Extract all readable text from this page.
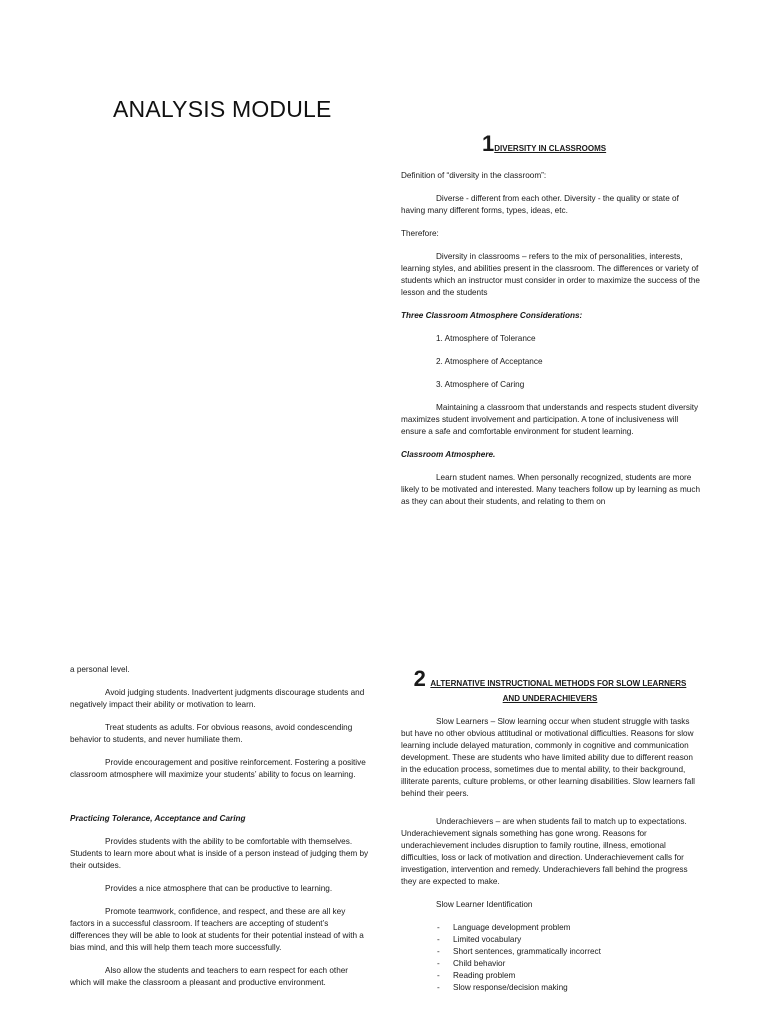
ANALYSIS MODULE
1DIVERSITY IN CLASSROOMS

Definition of “diversity in the classroom”:

Diverse - different from each other. Diversity - the quality or state of having many different forms, types, ideas, etc.

Therefore:

Diversity in classrooms – refers to the mix of personalities, interests, learning styles, and abilities present in the classroom. The differences or variety of students which an instructor must consider in order to maximize the success of the lesson and the students

Three Classroom Atmosphere Considerations:

1. Atmosphere of Tolerance
2. Atmosphere of Acceptance
3. Atmosphere of Caring

Maintaining a classroom that understands and respects student diversity maximizes student involvement and participation. A tone of inclusiveness will ensure a safe and comfortable environment for student learning.

Classroom Atmosphere.

Learn student names. When personally recognized, students are more likely to be motivated and interested. Many teachers follow up by learning as much as they can about their students, and relating to them on

a personal level.

Avoid judging students. Inadvertent judgments discourage students and negatively impact their ability or motivation to learn.

Treat students as adults. For obvious reasons, avoid condescending behavior to students, and never humiliate them.

Provide encouragement and positive reinforcement. Fostering a positive classroom atmosphere will maximize your students’ ability to focus on learning.

Practicing Tolerance, Acceptance and Caring

Provides students with the ability to be comfortable with themselves. Students to learn more about what is inside of a person instead of judging them by their outsides.

Provides a nice atmosphere that can be productive to learning.

Promote teamwork, confidence, and respect, and these are all key factors in a successful classroom. If teachers are accepting of student’s differences they will be able to look at students for their potential instead of with a bias mind, and this will help them teach more successfully.

Also allow the students and teachers to earn respect for each other which will make the classroom a pleasant and productive environment.

2 ALTERNATIVE INSTRUCTIONAL METHODS FOR SLOW LEARNERS
AND UNDERACHIEVERS

Slow Learners – Slow learning occur when student struggle with tasks but have no other obvious attitudinal or motivational difficulties. Reasons for slow learning include delayed maturation, commonly in cognitive and communication development. These are students who have limited ability due to different reason in the education process, sometimes due to mental ability, to their background, illiterate parents, culture problems, or other learning disabilities. Slow learners fall behind their peers.

Underachievers – are when students fail to match up to expectations. Underachievement signals something has gone wrong. Reasons for underachievement includes disruption to family routine, illness, emotional difficulties, loss or lack of motivation and direction. Underachievement calls for investigation, intervention and remedy. Underachievers fall behind the progress they are expected to make.

Slow Learner Identification

- Language development problem
- Limited vocabulary
- Short sentences, grammatically incorrect
- Child behavior
- Reading problem
- Slow response/decision making
